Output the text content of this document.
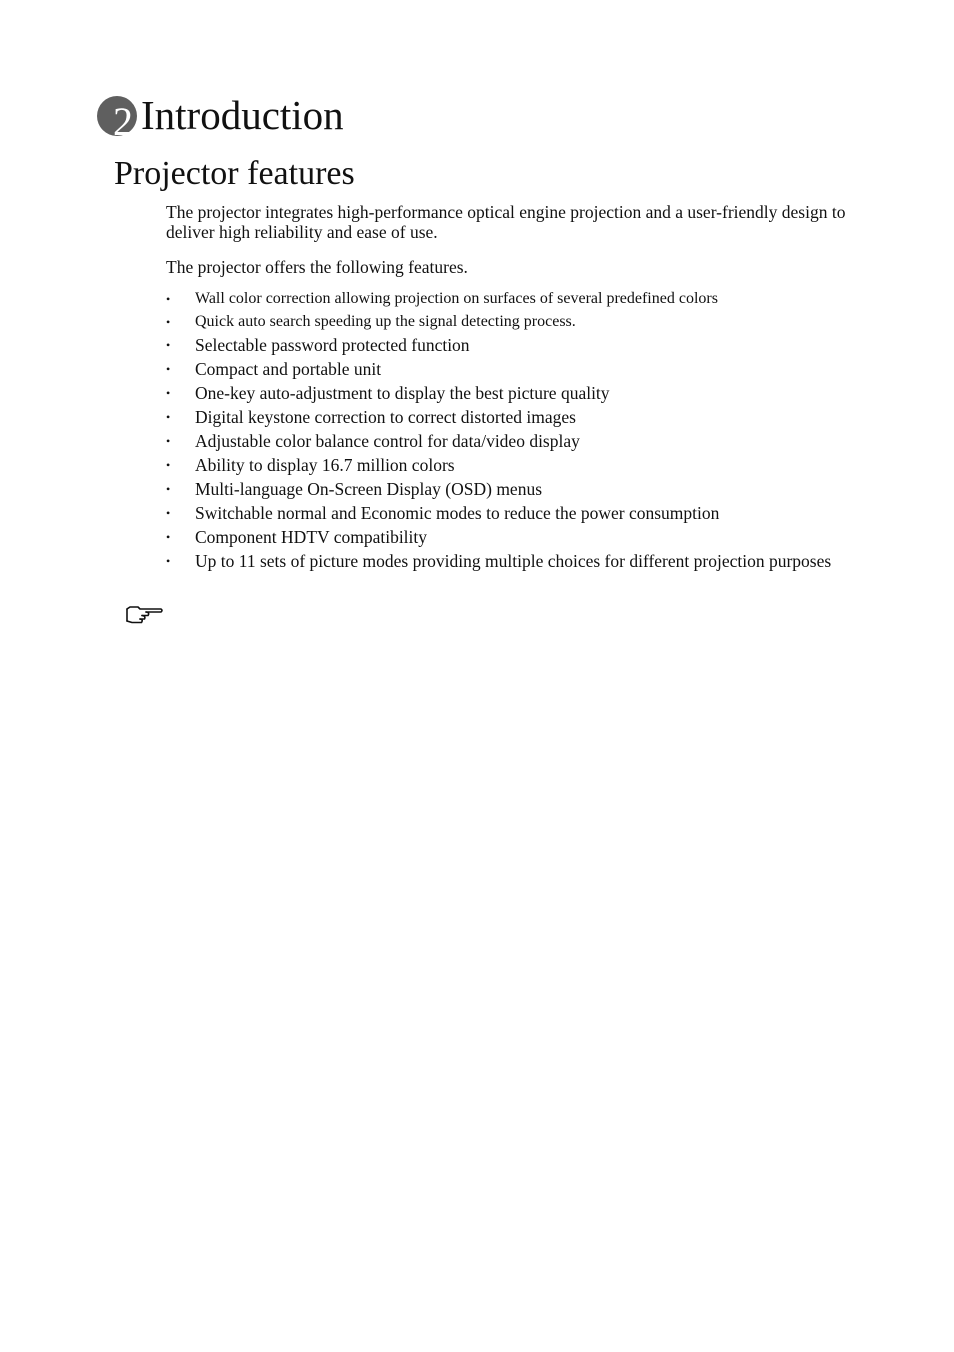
2 Introduction
Projector features

The projector integrates high-performance optical engine projection and a user-friendly design to deliver high reliability and ease of use.

The projector offers the following features.

• Wall color correction allowing projection on surfaces of several predefined colors
• Quick auto search speeding up the signal detecting process.
• Selectable password protected function
• Compact and portable unit
• One-key auto-adjustment to display the best picture quality
• Digital keystone correction to correct distorted images
• Adjustable color balance control for data/video display
• Ability to display 16.7 million colors
• Multi-language On-Screen Display (OSD) menus
• Switchable normal and Economic modes to reduce the power consumption
• Component HDTV compatibility
• Up to 11 sets of picture modes providing multiple choices for different projection purposes
